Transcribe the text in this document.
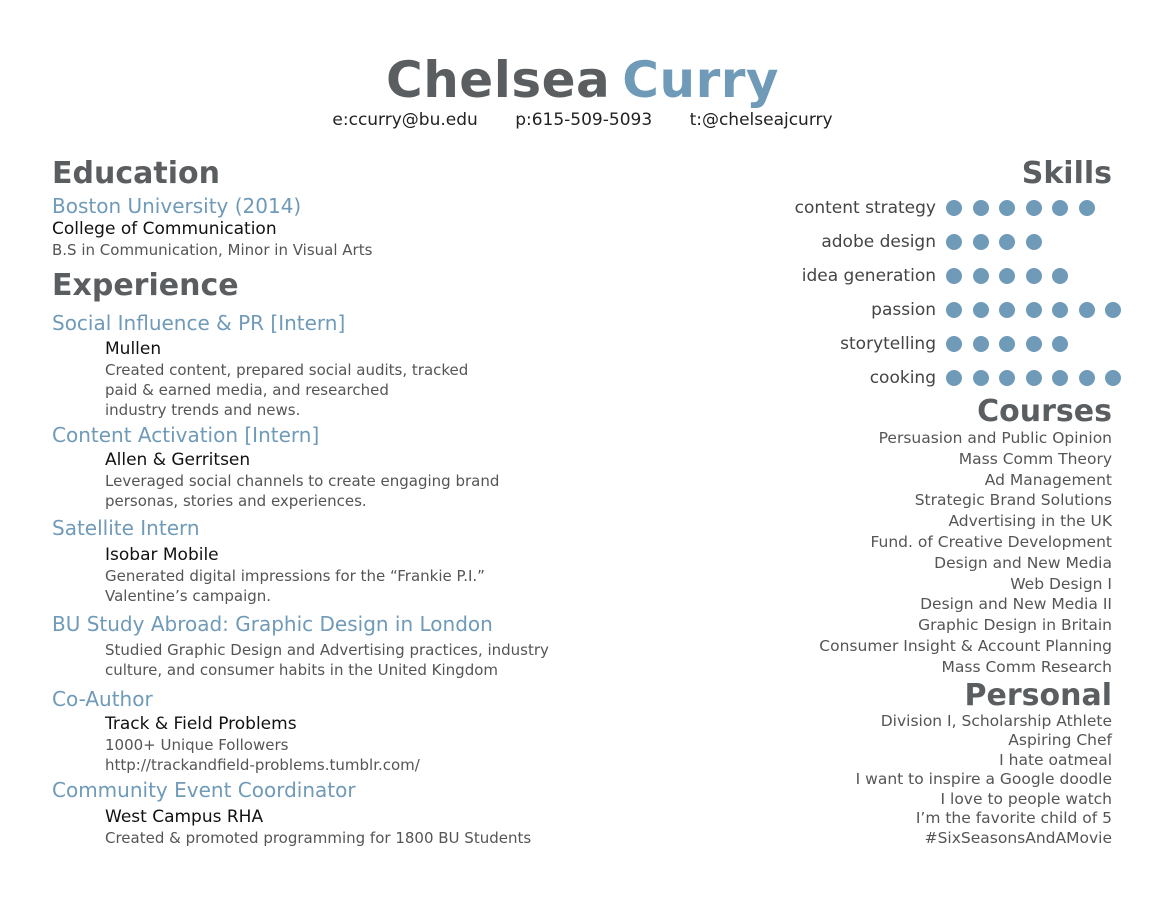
Chelsea Curry
e:ccurry@bu.edu p:615-509-5093 t:@chelseajcurry
Education
Boston University (2014)
College of Communication
B.S in Communication, Minor in Visual Arts
Experience
Social Influence & PR [Intern]
Mullen
Created content, prepared social audits, tracked
paid & earned media, and researched
industry trends and news.
Content Activation [Intern]
Allen & Gerritsen
Leveraged social channels to create engaging brand
personas, stories and experiences.
Satellite Intern
Isobar Mobile
Generated digital impressions for the “Frankie P.I.”
Valentine’s campaign.
BU Study Abroad: Graphic Design in London
Studied Graphic Design and Advertising practices, industry
culture, and consumer habits in the United Kingdom
Co-Author
Track & Field Problems
1000+ Unique Followers
http://trackandfield-problems.tumblr.com/
Community Event Coordinator
West Campus RHA
Created & promoted programming for 1800 BU Students
Skills
content strategy
adobe design
idea generation
passion
storytelling
cooking
Courses
Persuasion and Public Opinion
Mass Comm Theory
Ad Management
Strategic Brand Solutions
Advertising in the UK
Fund. of Creative Development
Design and New Media
Web Design I
Design and New Media II
Graphic Design in Britain
Consumer Insight & Account Planning
Mass Comm Research
Personal
Division I, Scholarship Athlete
Aspiring Chef
I hate oatmeal
I want to inspire a Google doodle
I love to people watch
I’m the favorite child of 5
#SixSeasonsAndAMovie
